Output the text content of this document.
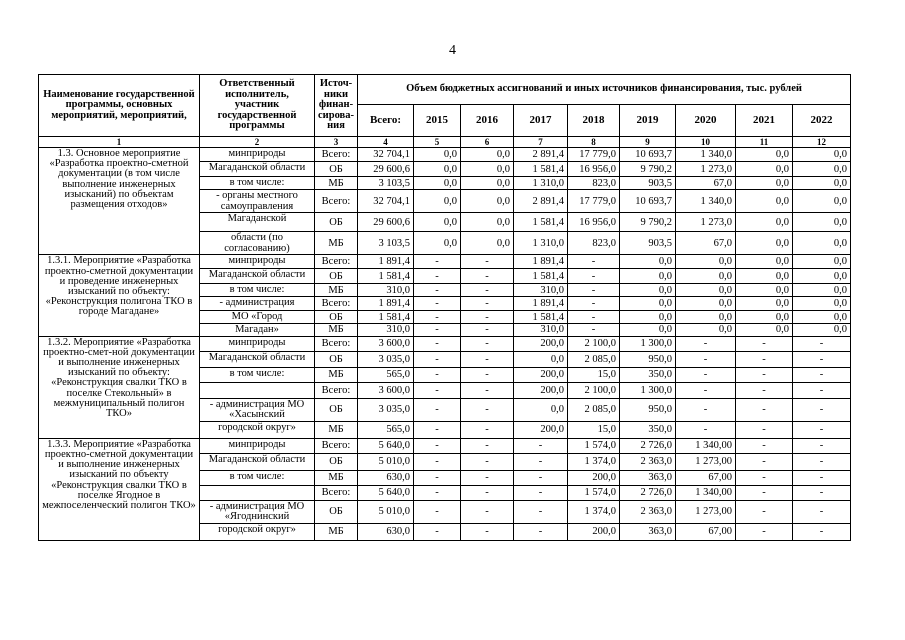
4
Наименование государственной программы, основных мероприятий, мероприятий,	Ответственный исполнитель, участник государственной программы	Источ-ники финан-сирова-ния	Объем бюджетных ассигнований и иных источников финансирования, тыс. рублей								
			Всего:	2015	2016	2017	2018	2019	2020	2021	2022
1	2	3	4	5	6	7	8	9	10	11	12
1.3. Основное мероприятие «Разработка проектно-сметной документации (в том числе выполнение инженерных изысканий) по объектам размещения отходов»	минприроды	Всего:	32 704,1	0,0	0,0	2 891,4	17 779,0	10 693,7	1 340,0	0,0	0,0
	Магаданской области	ОБ	29 600,6	0,0	0,0	1 581,4	16 956,0	9 790,2	1 273,0	0,0	0,0
	в том числе:	МБ	3 103,5	0,0	0,0	1 310,0	823,0	903,5	67,0	0,0	0,0
	- органы местного самоуправления	Всего:	32 704,1	0,0	0,0	2 891,4	17 779,0	10 693,7	1 340,0	0,0	0,0
	Магаданской	ОБ	29 600,6	0,0	0,0	1 581,4	16 956,0	9 790,2	1 273,0	0,0	0,0
	области (по согласованию)	МБ	3 103,5	0,0	0,0	1 310,0	823,0	903,5	67,0	0,0	0,0
1.3.1. Мероприятие «Разработка проектно-сметной документации и проведение инженерных изысканий по объекту: «Реконструкция полигона ТКО в городе Магадане»	минприроды	Всего:	1 891,4	-	-	1 891,4	-	0,0	0,0	0,0	0,0
	Магаданской области	ОБ	1 581,4	-	-	1 581,4	-	0,0	0,0	0,0	0,0
	в том числе:	МБ	310,0	-	-	310,0	-	0,0	0,0	0,0	0,0
	- администрация	Всего:	1 891,4	-	-	1 891,4	-	0,0	0,0	0,0	0,0
	МО «Город	ОБ	1 581,4	-	-	1 581,4	-	0,0	0,0	0,0	0,0
	Магадан»	МБ	310,0	-	-	310,0	-	0,0	0,0	0,0	0,0
1.3.2. Мероприятие «Разработка проектно-смет-ной документации и выполнение инженерных изысканий по объекту: «Реконструкция свалки ТКО в поселке Стекольный» в межмуниципальный полигон ТКО»	минприроды	Всего:	3 600,0	-	-	200,0	2 100,0	1 300,0	-	-	-
	Магаданской области	ОБ	3 035,0	-	-	0,0	2 085,0	950,0	-	-	-
	в том числе:	МБ	565,0	-	-	200,0	15,0	350,0	-	-	-
		Всего:	3 600,0	-	-	200,0	2 100,0	1 300,0	-	-	-
	- администрация МО «Хасынский	ОБ	3 035,0	-	-	0,0	2 085,0	950,0	-	-	-
	городской округ»	МБ	565,0	-	-	200,0	15,0	350,0	-	-	-
1.3.3. Мероприятие «Разработка проектно-сметной документации и выполнение инженерных изысканий по объекту «Реконструкция свалки ТКО в поселке Ягодное в межпоселенческий полигон ТКО»	минприроды	Всего:	5 640,0	-	-	-	1 574,0	2 726,0	1 340,00	-	-
	Магаданской области	ОБ	5 010,0	-	-	-	1 374,0	2 363,0	1 273,00	-	-
	в том числе:	МБ	630,0	-	-	-	200,0	363,0	67,00	-	-
		Всего:	5 640,0	-	-	-	1 574,0	2 726,0	1 340,00	-	-
	- администрация МО «Ягоднинский	ОБ	5 010,0	-	-	-	1 374,0	2 363,0	1 273,00	-	-
	городской округ»	МБ	630,0	-	-	-	200,0	363,0	67,00	-	-
